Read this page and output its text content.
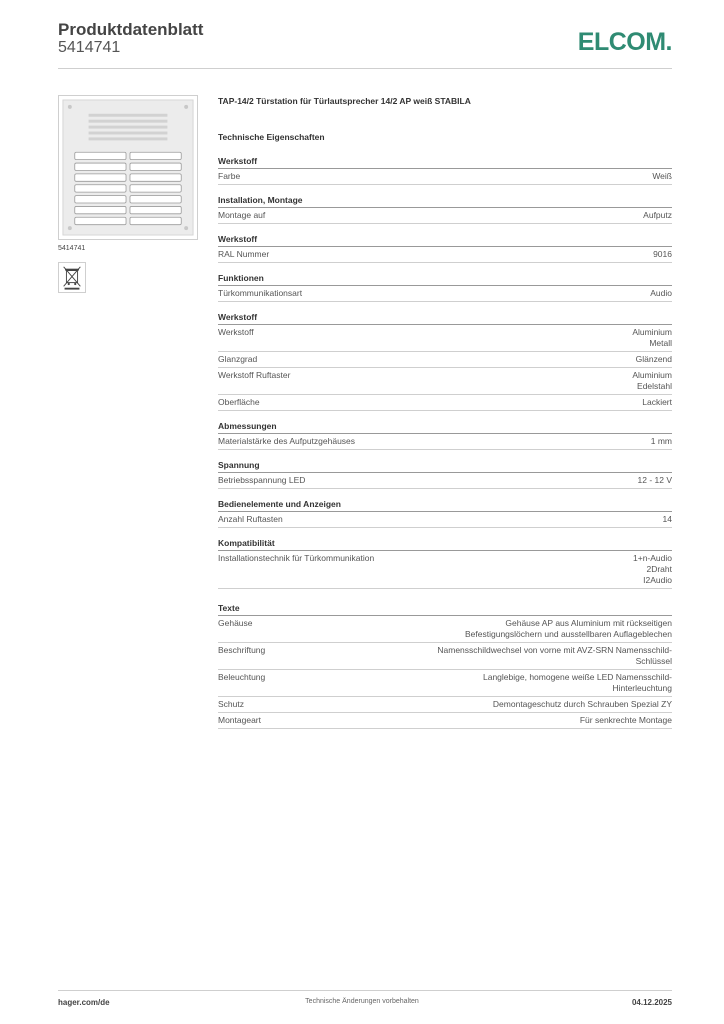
Produktdatenblatt
5414741	ELCOM.
5414741
TAP-14/2 Türstation für Türlautsprecher 14/2 AP weiß STABILA
Technische Eigenschaften
Werkstoff
Farbe	Weiß
Installation, Montage
Montage auf	Aufputz
Werkstoff
RAL Nummer	9016
Funktionen
Türkommunikationsart	Audio
Werkstoff
Werkstoff	Aluminium
Metall
Glanzgrad	Glänzend
Werkstoff Ruftaster	Aluminium
Edelstahl
Oberfläche	Lackiert
Abmessungen
Materialstärke des Aufputzgehäuses	1 mm
Spannung
Betriebsspannung LED	12 - 12 V
Bedienelemente und Anzeigen
Anzahl Ruftasten	14
Kompatibilität
Installationstechnik für Türkommunikation	1+n-Audio
2Draht
I2Audio
Texte
Gehäuse	Gehäuse AP aus Aluminium mit rückseitigen
Befestigungslöchern und ausstellbaren Auflageblechen
Beschriftung	Namensschildwechsel von vorne mit AVZ-SRN Namensschild-
Schlüssel
Beleuchtung	Langlebige, homogene weiße LED Namensschild-
Hinterleuchtung
Schutz	Demontageschutz durch Schrauben Spezial ZY
Montageart	Für senkrechte Montage
hager.com/de	Technische Änderungen vorbehalten	04.12.2025
